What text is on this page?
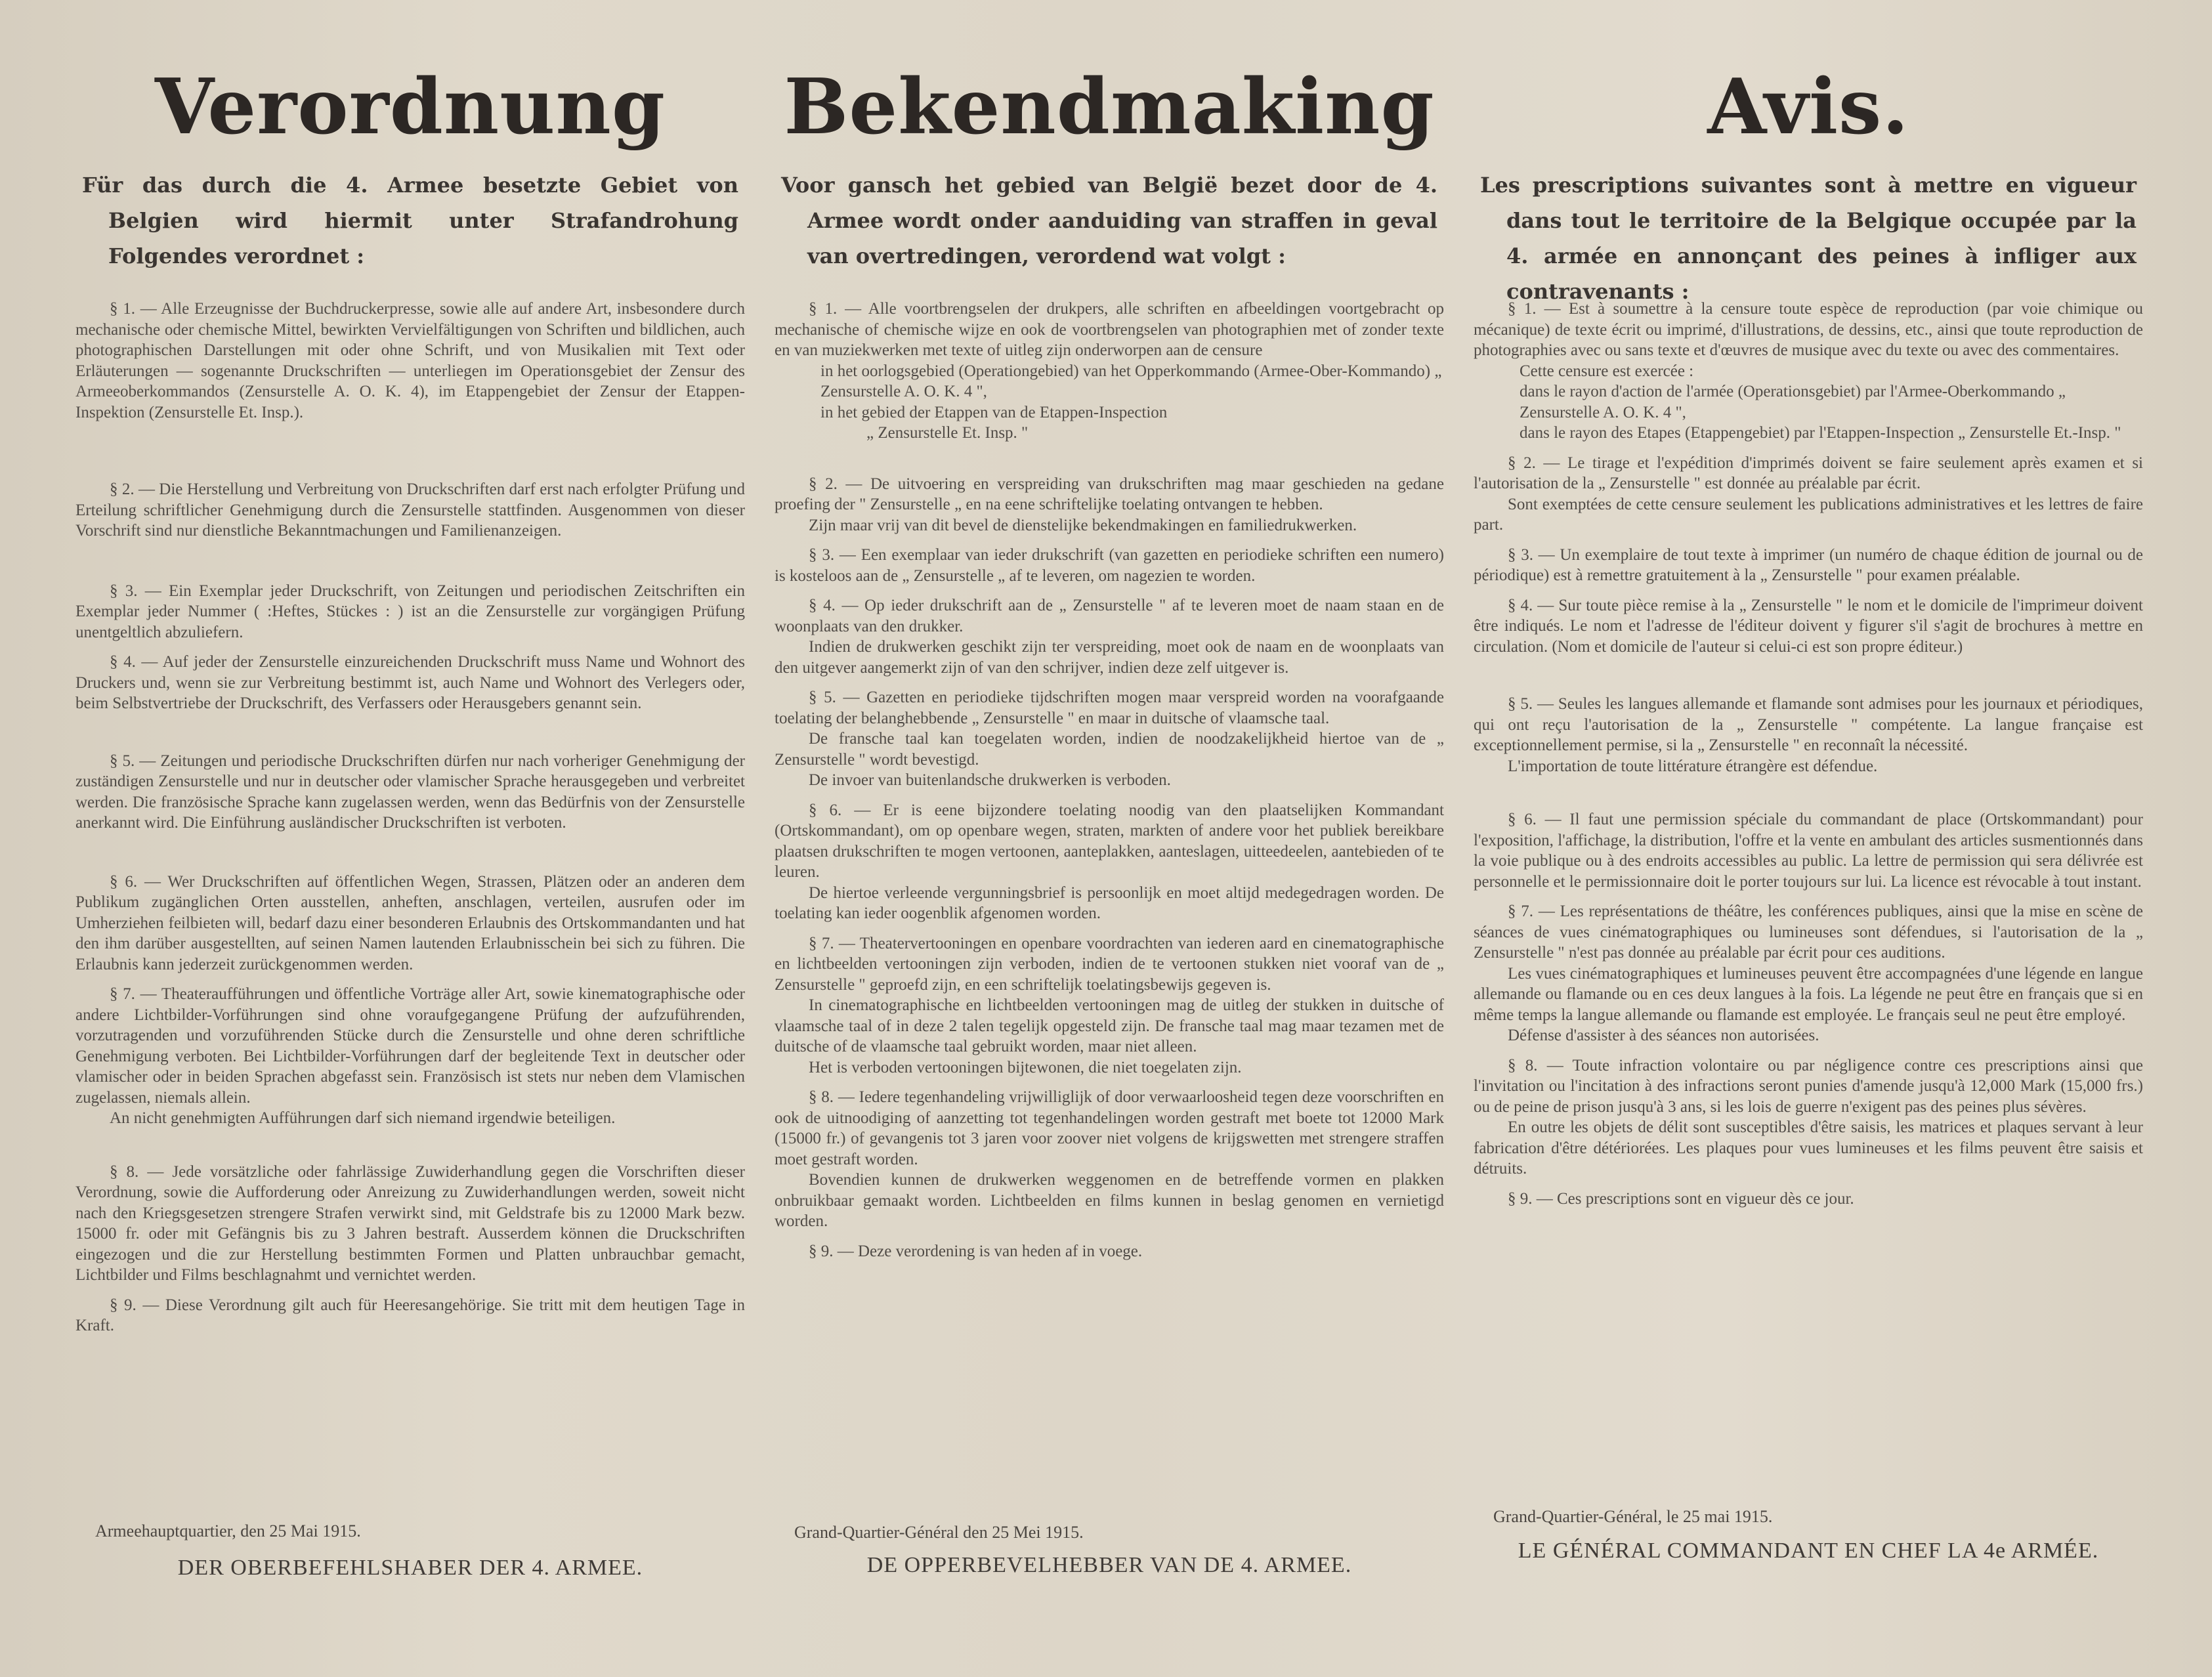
Verordnung

Für das durch die 4. Armee besetzte Gebiet von Belgien wird hiermit unter Strafandrohung Folgendes verordnet :

§ 1. — Alle Erzeugnisse der Buchdruckerpresse, sowie alle auf andere Art, insbesondere durch mechanische oder chemische Mittel, bewirkten Vervielfältigungen von Schriften und bildlichen, auch photographischen Darstellungen mit oder ohne Schrift, und von Musikalien mit Text oder Erläuterungen — sogenannte Druckschriften — unterliegen im Operationsgebiet der Zensur des Armeeoberkommandos (Zensurstelle A. O. K. 4), im Etappengebiet der Zensur der Etappen-Inspektion (Zensurstelle Et. Insp.).

§ 2. — Die Herstellung und Verbreitung von Druckschriften darf erst nach erfolgter Prüfung und Erteilung schriftlicher Genehmigung durch die Zensurstelle stattfinden. Ausgenommen von dieser Vorschrift sind nur dienstliche Bekanntmachungen und Familienanzeigen.

§ 3. — Ein Exemplar jeder Druckschrift, von Zeitungen und periodischen Zeitschriften ein Exemplar jeder Nummer ( :Heftes, Stückes : ) ist an die Zensurstelle zur vorgängigen Prüfung unentgeltlich abzuliefern.

§ 4. — Auf jeder der Zensurstelle einzureichenden Druckschrift muss Name und Wohnort des Druckers und, wenn sie zur Verbreitung bestimmt ist, auch Name und Wohnort des Verlegers oder, beim Selbstvertriebe der Druckschrift, des Verfassers oder Herausgebers genannt sein.

§ 5. — Zeitungen und periodische Druckschriften dürfen nur nach vorheriger Genehmigung der zuständigen Zensurstelle und nur in deutscher oder vlamischer Sprache herausgegeben und verbreitet werden. Die französische Sprache kann zugelassen werden, wenn das Bedürfnis von der Zensurstelle anerkannt wird. Die Einführung ausländischer Druckschriften ist verboten.

§ 6. — Wer Druckschriften auf öffentlichen Wegen, Strassen, Plätzen oder an anderen dem Publikum zugänglichen Orten ausstellen, anheften, anschlagen, verteilen, ausrufen oder im Umherziehen feilbieten will, bedarf dazu einer besonderen Erlaubnis des Ortskommandanten und hat den ihm darüber ausgestellten, auf seinen Namen lautenden Erlaubnisschein bei sich zu führen. Die Erlaubnis kann jederzeit zurückgenommen werden.

§ 7. — Theateraufführungen und öffentliche Vorträge aller Art, sowie kinematographische oder andere Lichtbilder-Vorführungen sind ohne voraufgegangene Prüfung der aufzuführenden, vorzutragenden und vorzuführenden Stücke durch die Zensurstelle und ohne deren schriftliche Genehmigung verboten. Bei Lichtbilder-Vorführungen darf der begleitende Text in deutscher oder vlamischer oder in beiden Sprachen abgefasst sein. Französisch ist stets nur neben dem Vlamischen zugelassen, niemals allein.

An nicht genehmigten Aufführungen darf sich niemand irgendwie beteiligen.

§ 8. — Jede vorsätzliche oder fahrlässige Zuwiderhandlung gegen die Vorschriften dieser Verordnung, sowie die Aufforderung oder Anreizung zu Zuwiderhandlungen werden, soweit nicht nach den Kriegsgesetzen strengere Strafen verwirkt sind, mit Geldstrafe bis zu 12000 Mark bezw. 15000 fr. oder mit Gefängnis bis zu 3 Jahren bestraft. Ausserdem können die Druckschriften eingezogen und die zur Herstellung bestimmten Formen und Platten unbrauchbar gemacht, Lichtbilder und Films beschlagnahmt und vernichtet werden.

§ 9. — Diese Verordnung gilt auch für Heeresangehörige. Sie tritt mit dem heutigen Tage in Kraft.

Armeehauptquartier, den 25 Mai 1915.

DER OBERBEFEHLSHABER DER 4. ARMEE.

Bekendmaking

Voor gansch het gebied van België bezet door de 4. Armee wordt onder aanduiding van straffen in geval van overtredingen, verordend wat volgt :

§ 1. — Alle voortbrengselen der drukpers, alle schriften en afbeeldingen voortgebracht op mechanische of chemische wijze en ook de voortbrengselen van photographien met of zonder texte en van muziekwerken met texte of uitleg zijn onderworpen aan de censure

in het oorlogsgebied (Operationgebied) van het Opperkommando (Armee-Ober-Kommando) „ Zensurstelle A. O. K. 4 ",

in het gebied der Etappen van de Etappen-Inspection

„ Zensurstelle Et. Insp. "

§ 2. — De uitvoering en verspreiding van drukschriften mag maar geschieden na gedane proefing der " Zensurstelle „ en na eene schriftelijke toelating ontvangen te hebben.

Zijn maar vrij van dit bevel de dienstelijke bekendmakingen en familiedrukwerken.

§ 3. — Een exemplaar van ieder drukschrift (van gazetten en periodieke schriften een numero) is kosteloos aan de „ Zensurstelle „ af te leveren, om nagezien te worden.

§ 4. — Op ieder drukschrift aan de „ Zensurstelle " af te leveren moet de naam staan en de woonplaats van den drukker.

Indien de drukwerken geschikt zijn ter verspreiding, moet ook de naam en de woonplaats van den uitgever aangemerkt zijn of van den schrijver, indien deze zelf uitgever is.

§ 5. — Gazetten en periodieke tijdschriften mogen maar verspreid worden na voorafgaande toelating der belanghebbende „ Zensurstelle " en maar in duitsche of vlaamsche taal.

De fransche taal kan toegelaten worden, indien de noodzakelijkheid hiertoe van de „ Zensurstelle " wordt bevestigd.

De invoer van buitenlandsche drukwerken is verboden.

§ 6. — Er is eene bijzondere toelating noodig van den plaatselijken Kommandant (Ortskommandant), om op openbare wegen, straten, markten of andere voor het publiek bereikbare plaatsen drukschriften te mogen vertoonen, aanteplakken, aanteslagen, uitteedeelen, aantebieden of te leuren.

De hiertoe verleende vergunningsbrief is persoonlijk en moet altijd medegedragen worden. De toelating kan ieder oogenblik afgenomen worden.

§ 7. — Theatervertooningen en openbare voordrachten van iederen aard en cinematographische en lichtbeelden vertooningen zijn verboden, indien de te vertoonen stukken niet vooraf van de „ Zensurstelle " geproefd zijn, en een schriftelijk toelatingsbewijs gegeven is.

In cinematographische en lichtbeelden vertooningen mag de uitleg der stukken in duitsche of vlaamsche taal of in deze 2 talen tegelijk opgesteld zijn. De fransche taal mag maar tezamen met de duitsche of de vlaamsche taal gebruikt worden, maar niet alleen.

Het is verboden vertooningen bijtewonen, die niet toegelaten zijn.

§ 8. — Iedere tegenhandeling vrijwilliglijk of door verwaarloosheid tegen deze voorschriften en ook de uitnoodiging of aanzetting tot tegenhandelingen worden gestraft met boete tot 12000 Mark (15000 fr.) of gevangenis tot 3 jaren voor zoover niet volgens de krijgswetten met strengere straffen moet gestraft worden.

Bovendien kunnen de drukwerken weggenomen en de betreffende vormen en plakken onbruikbaar gemaakt worden. Lichtbeelden en films kunnen in beslag genomen en vernietigd worden.

§ 9. — Deze verordening is van heden af in voege.

Grand-Quartier-Général den 25 Mei 1915.

DE OPPERBEVELHEBBER VAN DE 4. ARMEE.

Avis.

Les prescriptions suivantes sont à mettre en vigueur dans tout le territoire de la Belgique occupée par la 4. armée en annonçant des peines à infliger aux contravenants :

§ 1. — Est à soumettre à la censure toute espèce de reproduction (par voie chimique ou mécanique) de texte écrit ou imprimé, d'illustrations, de dessins, etc., ainsi que toute reproduction de photographies avec ou sans texte et d'œuvres de musique avec du texte ou avec des commentaires.

Cette censure est exercée :

dans le rayon d'action de l'armée (Operationsgebiet) par l'Armee-Oberkommando „ Zensurstelle A. O. K. 4 ",

dans le rayon des Etapes (Etappengebiet) par l'Etappen-Inspection „ Zensurstelle Et.-Insp. "

§ 2. — Le tirage et l'expédition d'imprimés doivent se faire seulement après examen et si l'autorisation de la „ Zensurstelle " est donnée au préalable par écrit.

Sont exemptées de cette censure seulement les publications administratives et les lettres de faire part.

§ 3. — Un exemplaire de tout texte à imprimer (un numéro de chaque édition de journal ou de périodique) est à remettre gratuitement à la „ Zensurstelle " pour examen préalable.

§ 4. — Sur toute pièce remise à la „ Zensurstelle " le nom et le domicile de l'imprimeur doivent être indiqués. Le nom et l'adresse de l'éditeur doivent y figurer s'il s'agit de brochures à mettre en circulation. (Nom et domicile de l'auteur si celui-ci est son propre éditeur.)

§ 5. — Seules les langues allemande et flamande sont admises pour les journaux et périodiques, qui ont reçu l'autorisation de la „ Zensurstelle " compétente. La langue française est exceptionnellement permise, si la „ Zensurstelle " en reconnaît la nécessité.

L'importation de toute littérature étrangère est défendue.

§ 6. — Il faut une permission spéciale du commandant de place (Ortskommandant) pour l'exposition, l'affichage, la distribution, l'offre et la vente en ambulant des articles susmentionnés dans la voie publique ou à des endroits accessibles au public. La lettre de permission qui sera délivrée est personnelle et le permissionnaire doit le porter toujours sur lui. La licence est révocable à tout instant.

§ 7. — Les représentations de théâtre, les conférences publiques, ainsi que la mise en scène de séances de vues cinématographiques ou lumineuses sont défendues, si l'autorisation de la „ Zensurstelle " n'est pas donnée au préalable par écrit pour ces auditions.

Les vues cinématographiques et lumineuses peuvent être accompagnées d'une légende en langue allemande ou flamande ou en ces deux langues à la fois. La légende ne peut être en français que si en même temps la langue allemande ou flamande est employée. Le français seul ne peut être employé.

Défense d'assister à des séances non autorisées.

§ 8. — Toute infraction volontaire ou par négligence contre ces prescriptions ainsi que l'invitation ou l'incitation à des infractions seront punies d'amende jusqu'à 12,000 Mark (15,000 frs.) ou de peine de prison jusqu'à 3 ans, si les lois de guerre n'exigent pas des peines plus sévères.

En outre les objets de délit sont susceptibles d'être saisis, les matrices et plaques servant à leur fabrication d'être détériorées. Les plaques pour vues lumineuses et les films peuvent être saisis et détruits.

§ 9. — Ces prescriptions sont en vigueur dès ce jour.

Grand-Quartier-Général, le 25 mai 1915.

LE GÉNÉRAL COMMANDANT EN CHEF LA 4e ARMÉE.
